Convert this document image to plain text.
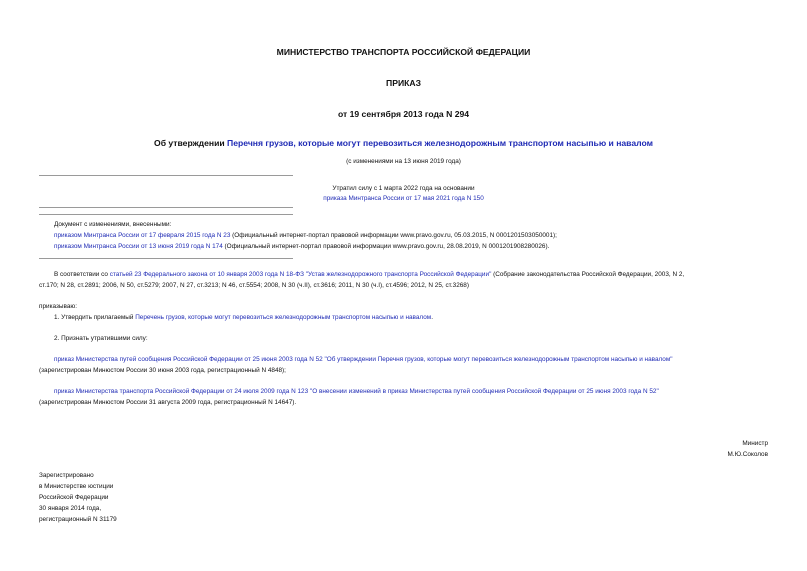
МИНИСТЕРСТВО ТРАНСПОРТА РОССИЙСКОЙ ФЕДЕРАЦИИ
ПРИКАЗ
от 19 сентября 2013 года N 294
Об утверждении Перечня грузов, которые могут перевозиться железнодорожным транспортом насыпью и навалом
(с изменениями на 13 июня 2019 года)
Утратил силу с 1 марта 2022 года на основании
приказа Минтранса России от 17 мая 2021 года N 150
Документ с изменениями, внесенными:
приказом Минтранса России от 17 февраля 2015 года N 23 (Официальный интернет-портал правовой информации www.pravo.gov.ru, 05.03.2015, N 0001201503050001);
приказом Минтранса России от 13 июня 2019 года N 174 (Официальный интернет-портал правовой информации www.pravo.gov.ru, 28.08.2019, N 0001201908280026).
В соответствии со статьей 23 Федерального закона от 10 января 2003 года N 18-ФЗ "Устав железнодорожного транспорта Российской Федерации" (Собрание законодательства Российской Федерации, 2003, N 2,
ст.170; N 28, ст.2891; 2006, N 50, ст.5279; 2007, N 27, ст.3213; N 46, ст.5554; 2008, N 30 (ч.II), ст.3616; 2011, N 30 (ч.I), ст.4596; 2012, N 25, ст.3268)
приказываю:
1. Утвердить прилагаемый Перечень грузов, которые могут перевозиться железнодорожным транспортом насыпью и навалом.
2. Признать утратившими силу:
приказ Министерства путей сообщения Российской Федерации от 25 июня 2003 года N 52 "Об утверждении Перечня грузов, которые могут перевозиться железнодорожным транспортом насыпью и навалом"
(зарегистрирован Минюстом России 30 июня 2003 года, регистрационный N 4848);
приказ Министерства транспорта Российской Федерации от 24 июля 2009 года N 123 "О внесении изменений в приказ Министерства путей сообщения Российской Федерации от 25 июня 2003 года N 52"
(зарегистрирован Минюстом России 31 августа 2009 года, регистрационный N 14647).
Министр
М.Ю.Соколов
Зарегистрировано
в Министерстве юстиции
Российской Федерации
30 января 2014 года,
регистрационный N 31179
